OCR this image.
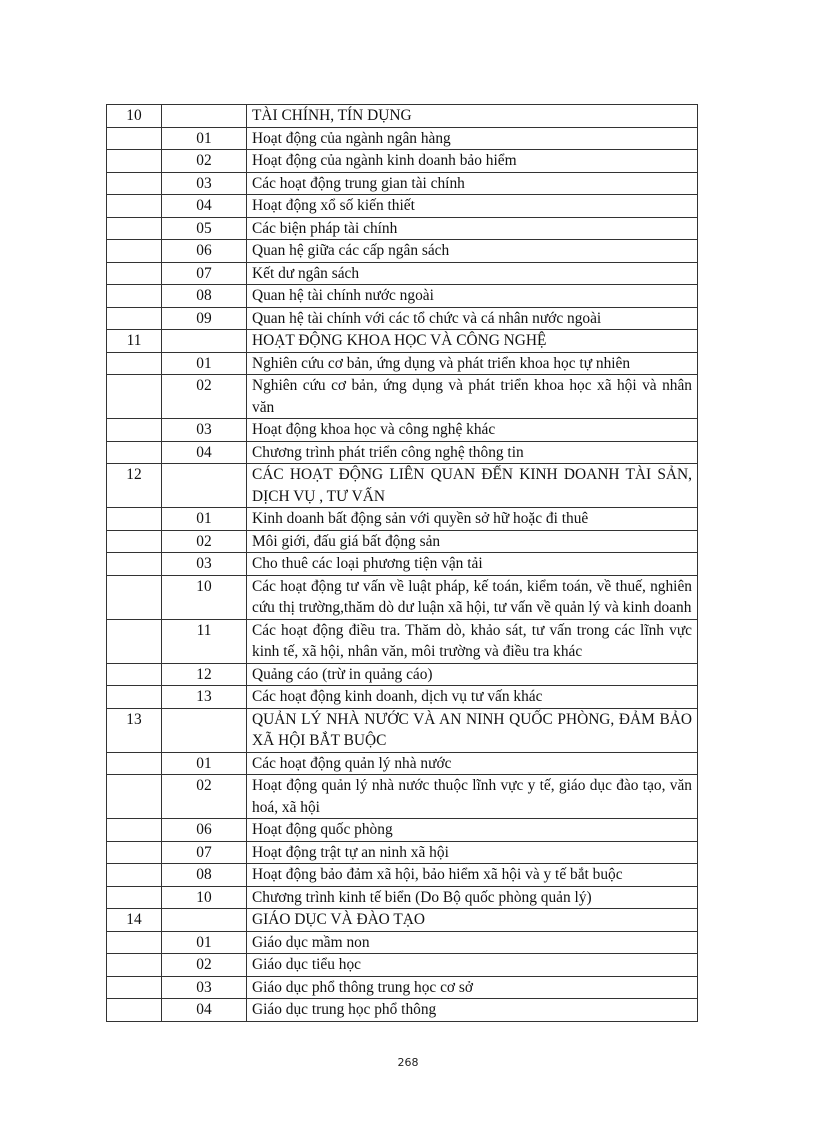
10		TÀI CHÍNH, TÍN DỤNG
	01	Hoạt động của ngành ngân hàng
	02	Hoạt động của ngành kinh doanh bảo hiểm
	03	Các hoạt động trung gian tài chính
	04	Hoạt động xổ số kiến thiết
	05	Các biện pháp tài chính
	06	Quan hệ giữa các cấp ngân sách
	07	Kết dư ngân sách
	08	Quan hệ tài chính nước ngoài
	09	Quan hệ tài chính với các tổ chức và cá nhân nước ngoài
11		HOẠT ĐỘNG KHOA HỌC VÀ CÔNG NGHỆ
	01	Nghiên cứu cơ bản, ứng dụng và phát triển khoa học tự nhiên
	02	Nghiên cứu cơ bản, ứng dụng và phát triển khoa học xã hội và nhân văn
	03	Hoạt động khoa học và công nghệ khác
	04	Chương trình phát triển công nghệ thông tin
12		CÁC HOẠT ĐỘNG LIÊN QUAN ĐẾN KINH DOANH TÀI SẢN, DỊCH VỤ , TƯ VẤN
	01	Kinh doanh bất động sản với quyền sở hữ hoặc đi thuê
	02	Môi giới, đấu giá bất động sản
	03	Cho thuê các loại phương tiện vận tải
	10	Các hoạt động tư vấn về luật pháp, kế toán, kiểm toán, về thuế, nghiên cứu thị trường,thăm dò dư luận xã hội, tư vấn về quản lý và kinh doanh
	11	Các hoạt động điều tra. Thăm dò, khảo sát, tư vấn trong các lĩnh vực kinh tế, xã hội, nhân văn, môi trường và điều tra khác
	12	Quảng cáo (trừ in quảng cáo)
	13	Các hoạt động kinh doanh, dịch vụ tư vấn khác
13		QUẢN LÝ NHÀ NƯỚC VÀ AN NINH QUỐC PHÒNG, ĐẢM BẢO XÃ HỘI BẮT BUỘC
	01	Các hoạt động quản lý nhà nước
	02	Hoạt động quản lý nhà nước thuộc lĩnh vực y tế, giáo dục đào tạo, văn hoá, xã hội
	06	Hoạt động quốc phòng
	07	Hoạt động trật tự an ninh xã hội
	08	Hoạt động bảo đảm xã hội, bảo hiểm xã hội và y tế bắt buộc
	10	Chương trình kinh tế biển (Do Bộ quốc phòng quản lý)
14		GIÁO DỤC VÀ ĐÀO TẠO
	01	Giáo dục mầm non
	02	Giáo dục tiểu học
	03	Giáo dục phổ thông trung học cơ sở
	04	Giáo dục trung học phổ thông
268
